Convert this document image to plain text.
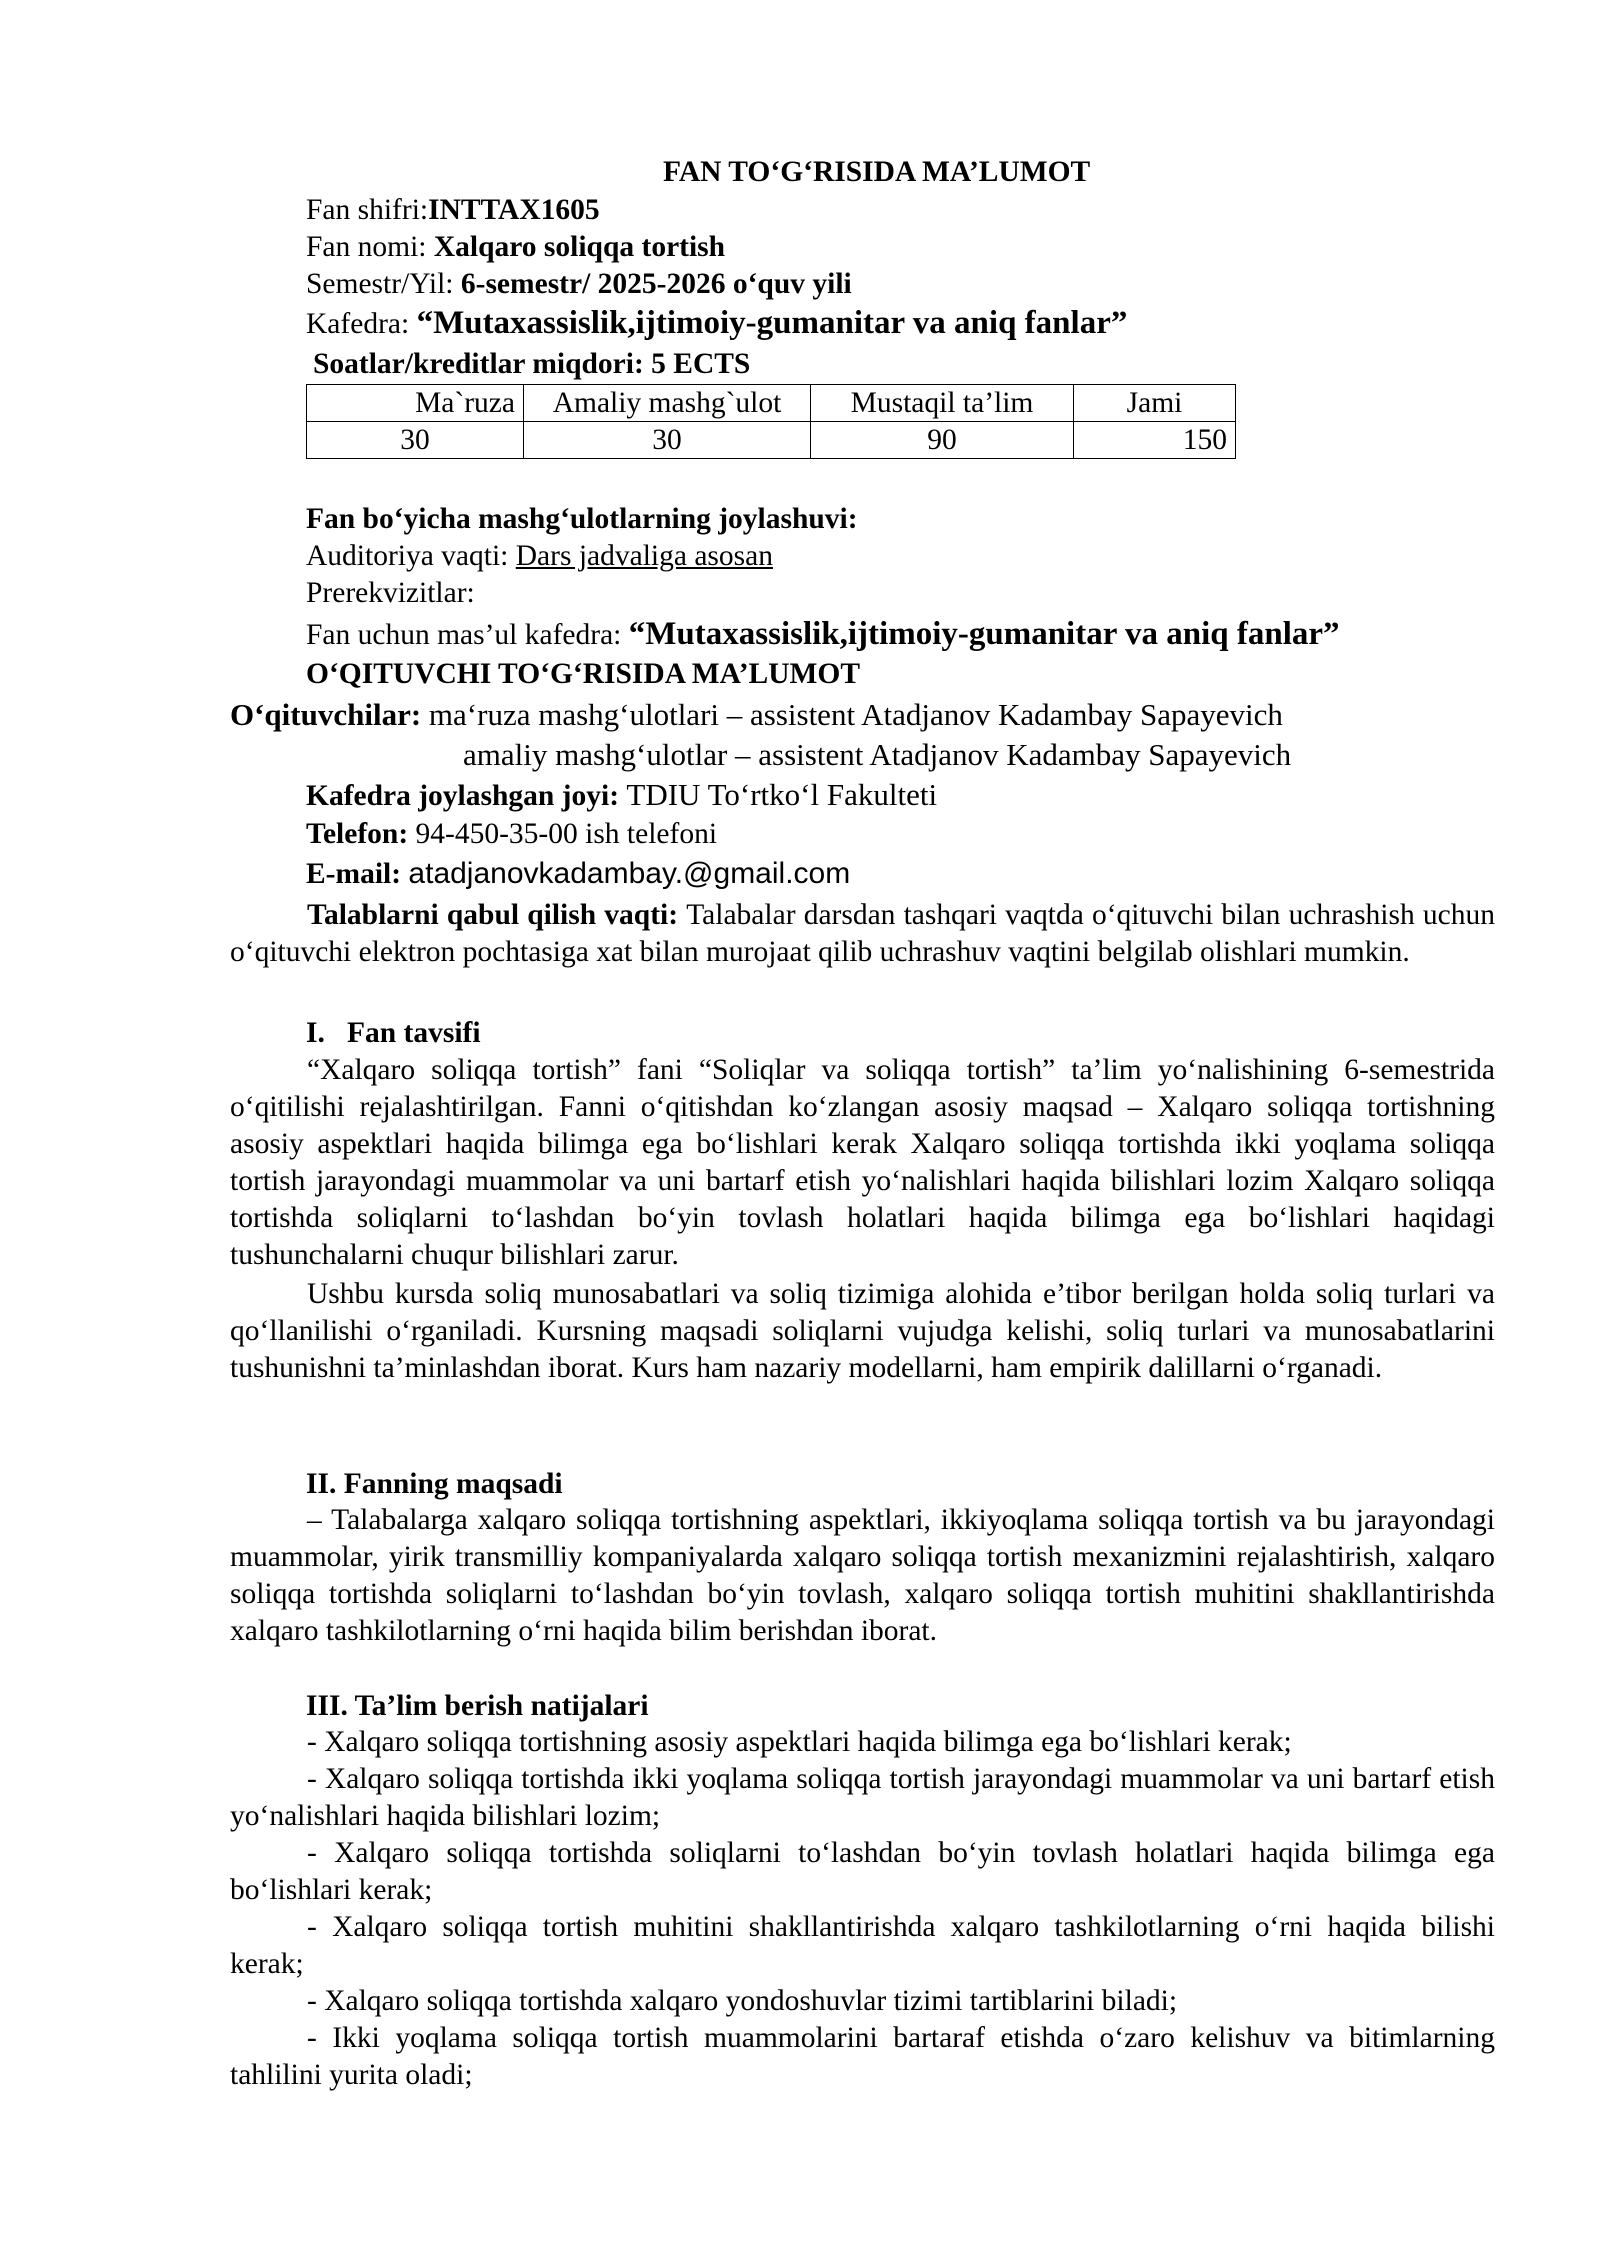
FAN TO‘G‘RISIDA MA’LUMOT
Fan shifri:INTTAX1605
Fan nomi: Xalqaro soliqqa tortish
Semestr/Yil: 6-semestr/ 2025-2026 o‘quv yili
Kafedra: “Mutaxassislik,ijtimoiy-gumanitar va aniq fanlar”
Soatlar/kreditlar miqdori: 5 ECTS
Ma`ruza	Amaliy mashg`ulot	Mustaqil ta’lim	Jami
30	30	90	150
Fan bo‘yicha mashg‘ulotlarning joylashuvi:
Auditoriya vaqti: Dars jadvaliga asosan
Prerekvizitlar:
Fan uchun mas’ul kafedra: “Mutaxassislik,ijtimoiy-gumanitar va aniq fanlar”
O‘QITUVCHI TO‘G‘RISIDA MA’LUMOT
O‘qituvchilar: ma‘ruza mashg‘ulotlari – assistent Atadjanov Kadambay Sapayevich
amaliy mashg‘ulotlar – assistent Atadjanov Kadambay Sapayevich
Kafedra joylashgan joyi: TDIU To‘rtko‘l Fakulteti
Telefon: 94-450-35-00 ish telefoni
E-mail: atadjanovkadambay.@gmail.com

Talablarni qabul qilish vaqti: Talabalar darsdan tashqari vaqtda o‘qituvchi bilan uchrashish uchun o‘qituvchi elektron pochtasiga xat bilan murojaat qilib uchrashuv vaqtini belgilab olishlari mumkin.

I. Fan tavsifi

“Xalqaro soliqqa tortish” fani “Soliqlar va soliqqa tortish” ta’lim yo‘nalishining 6-semestrida o‘qitilishi rejalashtirilgan. Fanni o‘qitishdan ko‘zlangan asosiy maqsad – Xalqaro soliqqa tortishning asosiy aspektlari haqida bilimga ega bo‘lishlari kerak Xalqaro soliqqa tortishda ikki yoqlama soliqqa tortish jarayondagi muammolar va uni bartarf etish yo‘nalishlari haqida bilishlari lozim Xalqaro soliqqa tortishda soliqlarni to‘lashdan bo‘yin tovlash holatlari haqida bilimga ega bo‘lishlari haqidagi tushunchalarni chuqur bilishlari zarur.

Ushbu kursda soliq munosabatlari va soliq tizimiga alohida e’tibor berilgan holda soliq turlari va qo‘llanilishi o‘rganiladi. Kursning maqsadi soliqlarni vujudga kelishi, soliq turlari va munosabatlarini tushunishni ta’minlashdan iborat. Kurs ham nazariy modellarni, ham empirik dalillarni o‘rganadi.

II. Fanning maqsadi

– Talabalarga xalqaro soliqqa tortishning aspektlari, ikkiyoqlama soliqqa tortish va bu jarayondagi muammolar, yirik transmilliy kompaniyalarda xalqaro soliqqa tortish mexanizmini rejalashtirish, xalqaro soliqqa tortishda soliqlarni to‘lashdan bo‘yin tovlash, xalqaro soliqqa tortish muhitini shakllantirishda xalqaro tashkilotlarning o‘rni haqida bilim berishdan iborat.

III. Ta’lim berish natijalari

- Xalqaro soliqqa tortishning asosiy aspektlari haqida bilimga ega bo‘lishlari kerak;

- Xalqaro soliqqa tortishda ikki yoqlama soliqqa tortish jarayondagi muammolar va uni bartarf etish yo‘nalishlari haqida bilishlari lozim;

- Xalqaro soliqqa tortishda soliqlarni to‘lashdan bo‘yin tovlash holatlari haqida bilimga ega bo‘lishlari kerak;

- Xalqaro soliqqa tortish muhitini shakllantirishda xalqaro tashkilotlarning o‘rni haqida bilishi kerak;

- Xalqaro soliqqa tortishda xalqaro yondoshuvlar tizimi tartiblarini biladi;

- Ikki yoqlama soliqqa tortish muammolarini bartaraf etishda o‘zaro kelishuv va bitimlarning tahlilini yurita oladi;
